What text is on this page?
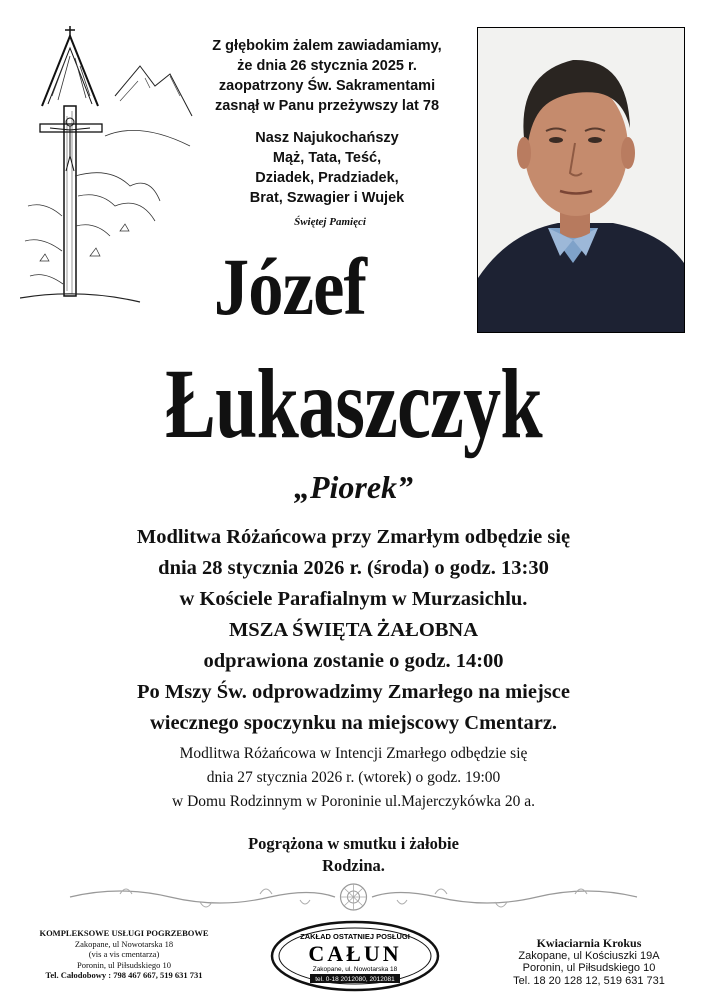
Z głębokim żalem zawiadamiamy,
że dnia 26 stycznia 2025 r.
zaopatrzony Św. Sakramentami
zasnął w Panu przeżywszy lat 78
Nasz Najukochańszy
Mąż, Tata, Teść,
Dziadek, Pradziadek,
Brat, Szwagier i Wujek
Świętej Pamięci
Józef
Łukaszczyk
„Piorek”
Modlitwa Różańcowa przy Zmarłym odbędzie się
dnia 28 stycznia 2026 r. (środa) o godz. 13:30
w Kościele Parafialnym w Murzasichlu.
MSZA ŚWIĘTA ŻAŁOBNA
odprawiona zostanie o godz. 14:00
Po Mszy Św. odprowadzimy Zmarłego na miejsce
wiecznego spoczynku na miejscowy Cmentarz.
Modlitwa Różańcowa w Intencji Zmarłego odbędzie się
dnia 27 stycznia 2026 r. (wtorek) o godz. 19:00
w Domu Rodzinnym w Poroninie ul.Majerczykówka 20 a.
Pogrążona w smutku i żałobie
Rodzina.
KOMPLEKSOWE USŁUGI POGRZEBOWE
Zakopane, ul Nowotarska 18
(vis a vis cmentarza)
Poronin, ul Piłsudskiego 10
Tel. Całodobowy : 798 467 667, 519 631 731
ZAKŁAD OSTATNIEJ POSŁUGI
CAŁUN
Zakopane, ul. Nowotarska 18
tel. 0-18 2012080, 2012081
Kwiaciarnia Krokus
Zakopane, ul Kościuszki 19A
Poronin, ul Piłsudskiego 10
Tel. 18 20 128 12, 519 631 731
